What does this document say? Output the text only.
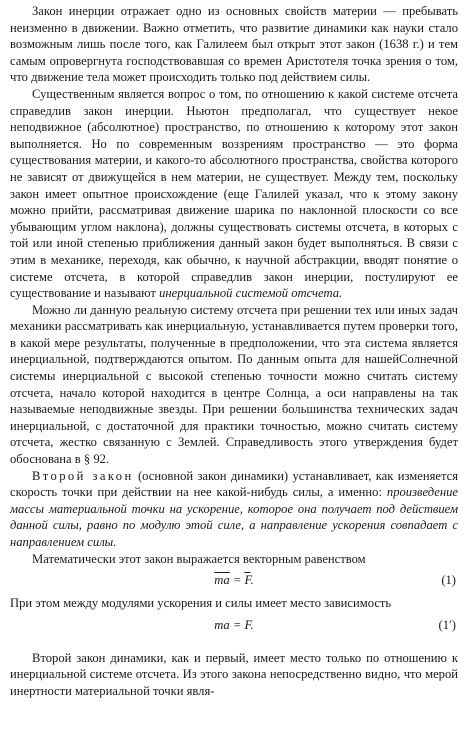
Закон инерции отражает одно из основных свойств материи — пребывать неизменно в движении. Важно отметить, что развитие динамики как науки стало возможным лишь после того, как Галилеем был открыт этот закон (1638 г.) и тем самым опровергнута господствовавшая со времен Аристотеля точка зрения о том, что движение тела может происходить только под действием силы.

Существенным является вопрос о том, по отношению к какой системе отсчета справедлив закон инерции. Ньютон предполагал, что существует некое неподвижное (абсолютное) пространство, по отношению к которому этот закон выполняется. Но по современным воззрениям пространство — это форма существования материи, и какого-то абсолютного пространства, свойства которого не зависят от движущейся в нем материи, не существует. Между тем, поскольку закон имеет опытное происхождение (еще Галилей указал, что к этому закону можно прийти, рассматривая движение шарика по наклонной плоскости со все убывающим углом наклона), должны существовать системы отсчета, в которых с той или иной степенью приближения данный закон будет выполняться. В связи с этим в механике, переходя, как обычно, к научной абстракции, вводят понятие о системе отсчета, в которой справедлив закон инерции, постулируют ее существование и называют инерциальной системой отсчета.

Можно ли данную реальную систему отсчета при решении тех или иных задач механики рассматривать как инерциальную, устанавливается путем проверки того, в какой мере результаты, полученные в предположении, что эта система является инерциальной, подтверждаются опытом. По данным опыта для нашейСолнечной системы инерциальной с высокой степенью точности можно считать систему отсчета, начало которой находится в центре Солнца, а оси направлены на так называемые неподвижные звезды. При решении большинства технических задач инерциальной, с достаточной для практики точностью, можно считать систему отсчета, жестко связанную с Землей. Справедливость этого утверждения будет обоснована в § 92.

Второй закон (основной закон динамики) устанавливает, как изменяется скорость точки при действии на нее какой-нибудь силы, а именно: произведение массы материальной точки на ускорение, которое она получает под действием данной силы, равно по модулю этой силе, а направление ускорения совпадает с направлением силы.

Математически этот закон выражается векторным равенством

$\overline{m}\overline{a} = \overline{F}$.	(1)

При этом между модулями ускорения и силы имеет место зависимость

ma = F.	(1′)

Второй закон динамики, как и первый, имеет место только по отношению к инерциальной системе отсчета. Из этого закона непосредственно видно, что мерой инертности материальной точки явля-
